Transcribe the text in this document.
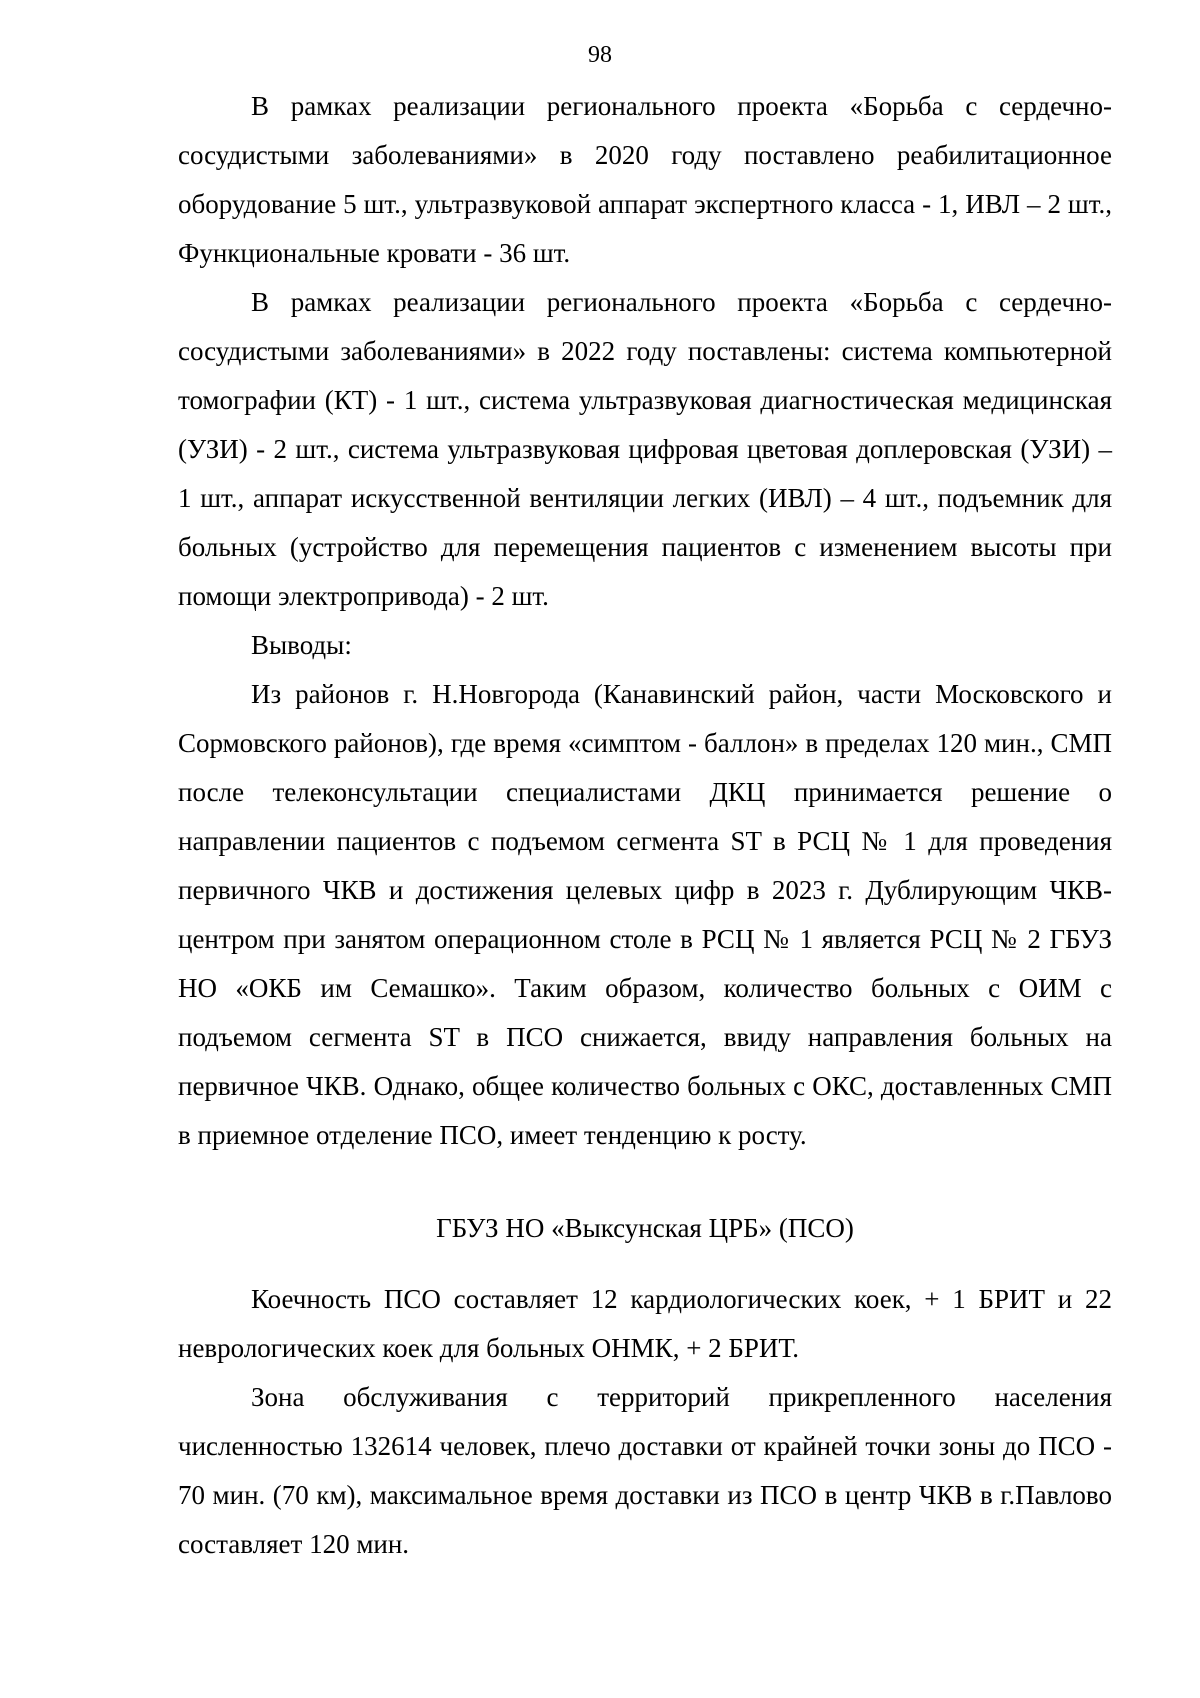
98

В рамках реализации регионального проекта «Борьба с сердечно-сосудистыми заболеваниями» в 2020 году поставлено реабилитационное оборудование 5 шт., ультразвуковой аппарат экспертного класса - 1, ИВЛ – 2 шт., Функциональные кровати - 36 шт.

В рамках реализации регионального проекта «Борьба с сердечно-сосудистыми заболеваниями» в 2022 году поставлены: система компьютерной томографии (КТ) - 1 шт., система ультразвуковая диагностическая медицинская (УЗИ) - 2 шт., система ультразвуковая цифровая цветовая доплеровская (УЗИ) – 1 шт., аппарат искусственной вентиляции легких (ИВЛ) – 4 шт., подъемник для больных (устройство для перемещения пациентов с изменением высоты при помощи электропривода) - 2 шт.

Выводы:

Из районов г. Н.Новгорода (Канавинский район, части Московского и Сормовского районов), где время «симптом - баллон» в пределах 120 мин., СМП после телеконсультации специалистами ДКЦ принимается решение о направлении пациентов с подъемом сегмента ST в РСЦ № 1 для проведения первичного ЧКВ и достижения целевых цифр в 2023 г. Дублирующим ЧКВ-центром при занятом операционном столе в РСЦ № 1 является РСЦ № 2 ГБУЗ НО «ОКБ им Семашко». Таким образом, количество больных с ОИМ с подъемом сегмента ST в ПСО снижается, ввиду направления больных на первичное ЧКВ. Однако, общее количество больных с ОКС, доставленных СМП в приемное отделение ПСО, имеет тенденцию к росту.

ГБУЗ НО «Выксунская ЦРБ» (ПСО)

Коечность ПСО составляет 12 кардиологических коек, + 1 БРИТ и 22 неврологических коек для больных ОНМК, + 2 БРИТ.

Зона обслуживания с территорий прикрепленного населения численностью 132614 человек, плечо доставки от крайней точки зоны до ПСО - 70 мин. (70 км), максимальное время доставки из ПСО в центр ЧКВ в г.Павлово составляет 120 мин.
